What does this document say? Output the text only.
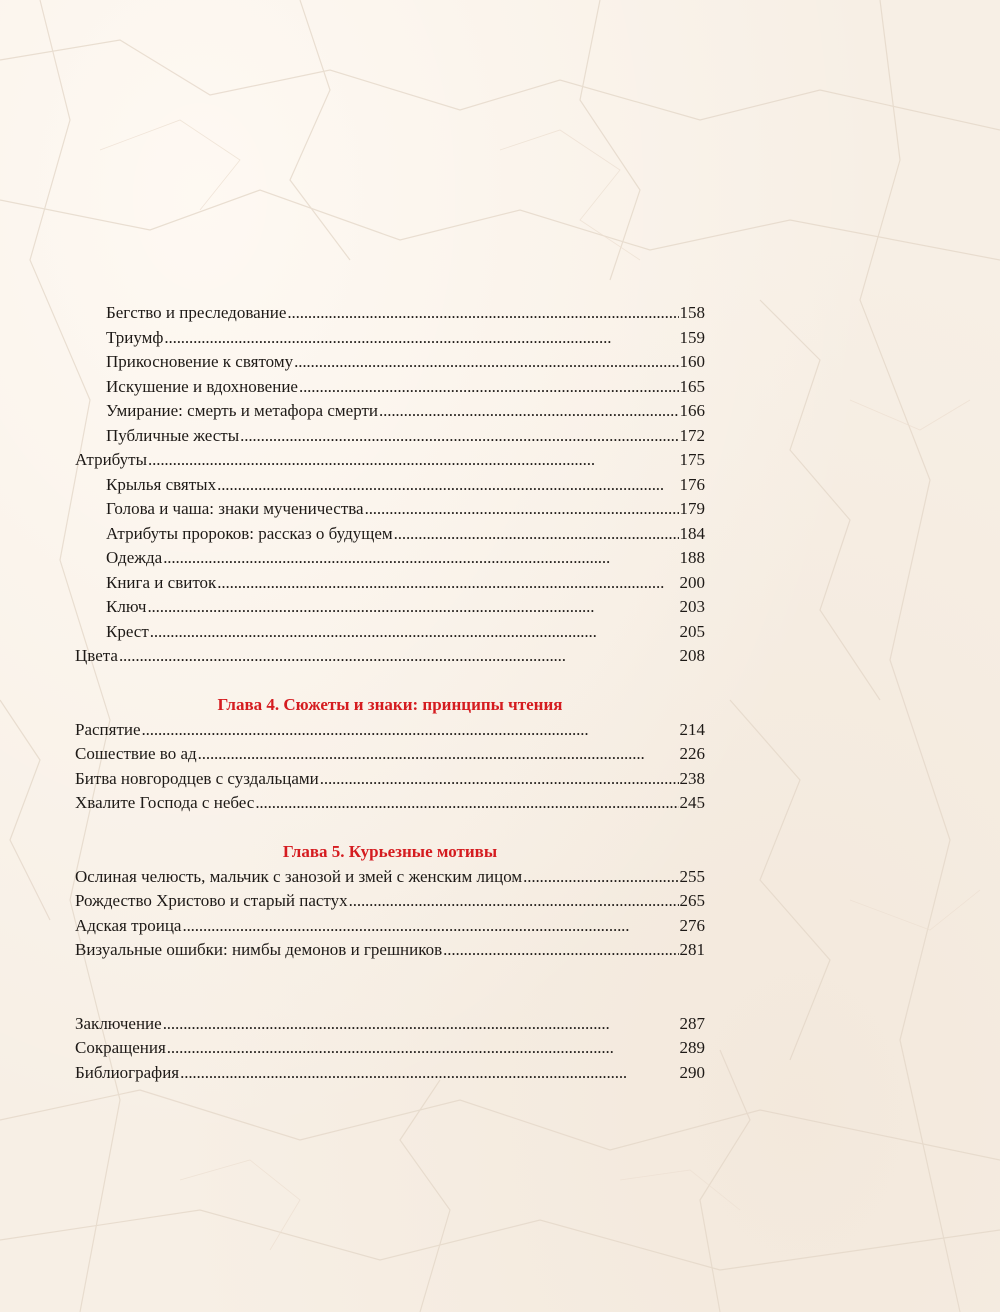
Бегство и преследование . . .	158
Триумф . . .	159
Прикосновение к святому . . .	160
Искушение и вдохновение . . .	165
Умирание: смерть и метафора смерти . . .	166
Публичные жесты . . .	172
Атрибуты . . .	175
Крылья святых . . .	176
Голова и чаша: знаки мученичества . . .	179
Атрибуты пророков: рассказ о будущем . . .	184
Одежда . . .	188
Книга и свиток . . .	200
Ключ . . .	203
Крест . . .	205
Цвета . . .	208
Глава 4. Сюжеты и знаки: принципы чтения
Распятие . . .	214
Сошествие во ад . . .	226
Битва новгородцев с суздальцами . . .	238
Хвалите Господа с небес . . .	245
Глава 5. Курьезные мотивы
Ослиная челюсть, мальчик с занозой и змей с женским лицом . . .	255
Рождество Христово и старый пастух . . .	265
Адская троица . . .	276
Визуальные ошибки: нимбы демонов и грешников . . .	281
Заключение . . .	287
Сокращения . . .	289
Библиография . . .	290
